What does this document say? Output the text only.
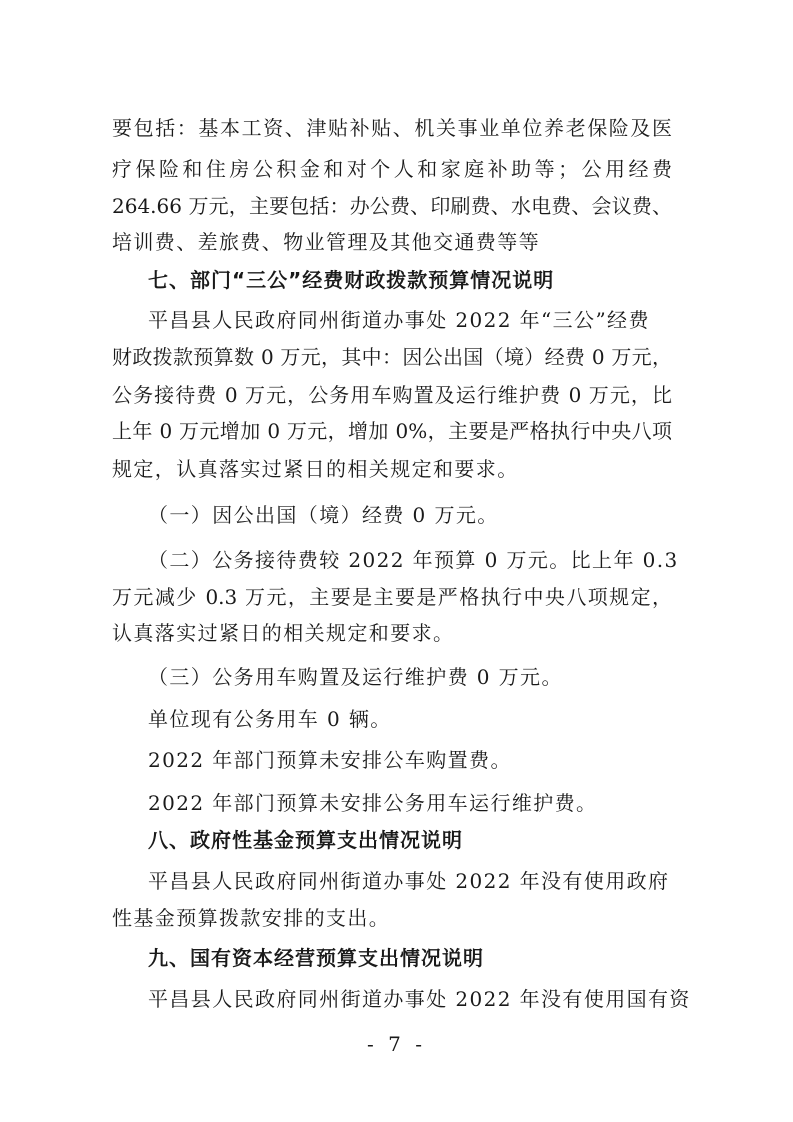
要包括：基本工资、津贴补贴、机关事业单位养老保险及医
疗保险和住房公积金和对个人和家庭补助等；公用经费
264.66 万元，主要包括：办公费、印刷费、水电费、会议费、
培训费、差旅费、物业管理及其他交通费等等
七、部门“三公”经费财政拨款预算情况说明
平昌县人民政府同州街道办事处 2022 年“三公”经费
财政拨款预算数 0 万元，其中：因公出国（境）经费 0 万元，
公务接待费 0 万元，公务用车购置及运行维护费 0 万元，比
上年 0 万元增加 0 万元，增加 0%，主要是严格执行中央八项
规定，认真落实过紧日的相关规定和要求。
（一）因公出国（境）经费 0 万元。
（二）公务接待费较 2022 年预算 0 万元。比上年 0.3
万元减少 0.3 万元，主要是主要是严格执行中央八项规定，
认真落实过紧日的相关规定和要求。
（三）公务用车购置及运行维护费 0 万元。
单位现有公务用车 0 辆。
2022 年部门预算未安排公车购置费。
2022 年部门预算未安排公务用车运行维护费。
八、政府性基金预算支出情况说明
平昌县人民政府同州街道办事处 2022 年没有使用政府
性基金预算拨款安排的支出。
九、国有资本经营预算支出情况说明
平昌县人民政府同州街道办事处 2022 年没有使用国有资
- 7 -
